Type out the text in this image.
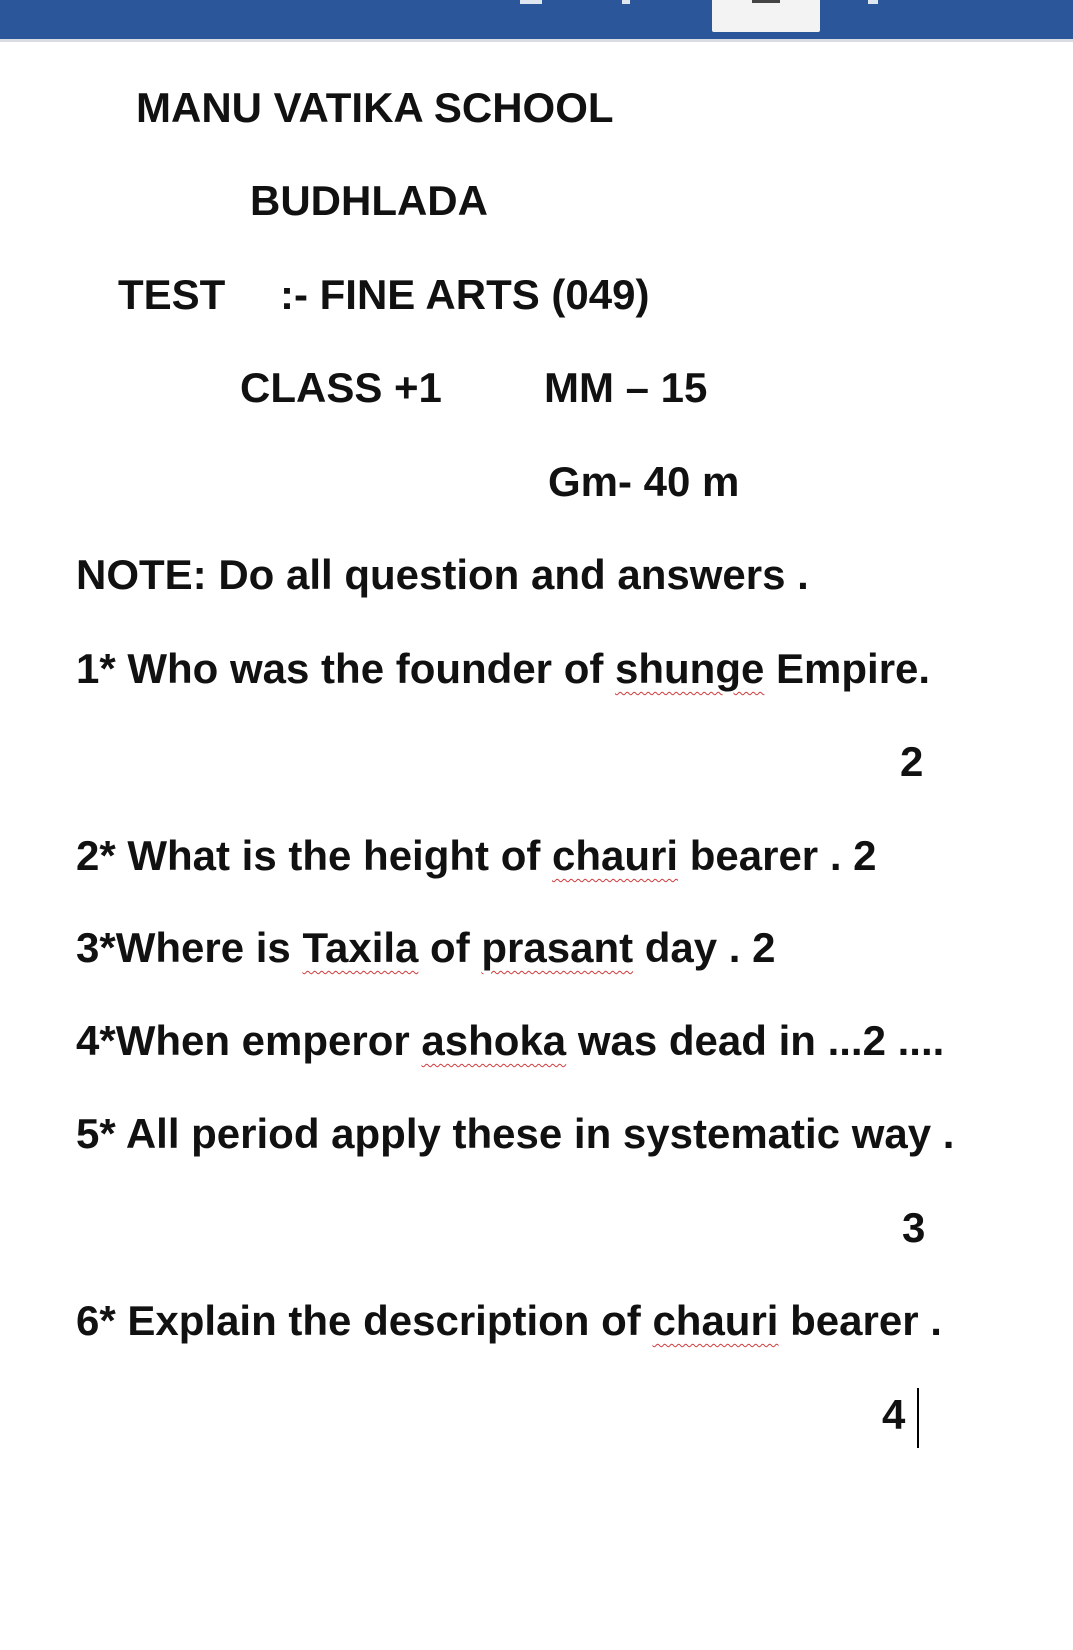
MANU VATIKA SCHOOL
BUDHLADA
TEST :- FINE ARTS (049)
CLASS +1 MM – 15
Gm- 40 m
NOTE: Do all question and answers .
1* Who was the founder of shunge Empire.
2
2* What is the height of chauri bearer . 2
3*Where is Taxila of prasant day . 2
4*When emperor ashoka was dead in ...2 ....
5* All period apply these in systematic way .
3
6* Explain the description of chauri bearer .
4
